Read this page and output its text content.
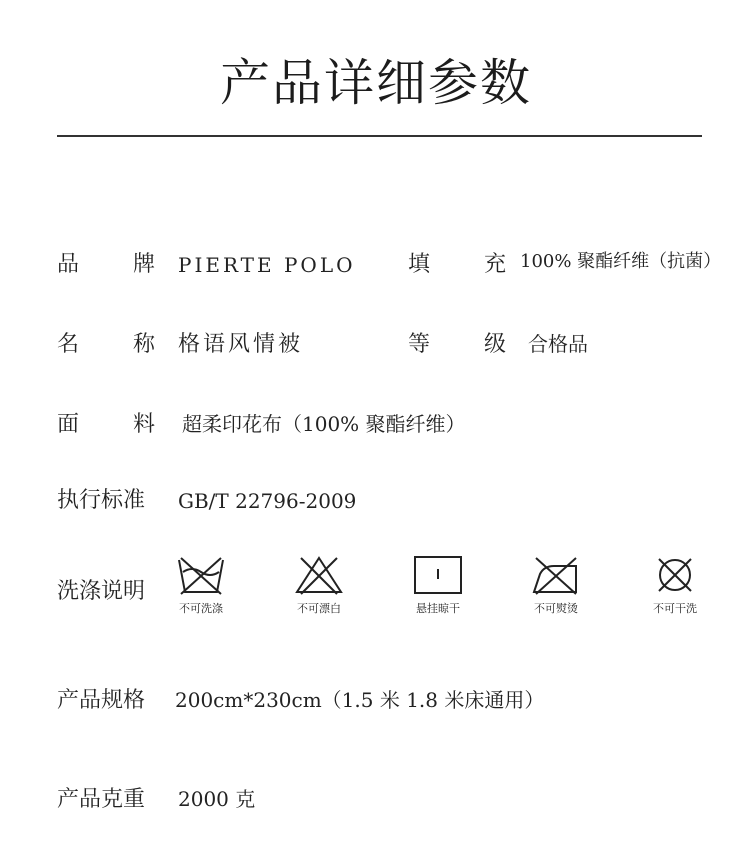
产品详细参数
品 牌 PIERTE POLO 填 充 100% 聚酯纤维（抗菌）
名 称 格语风情被	等 级 合格品
面 料 超柔印花布（100% 聚酯纤维）
执行标准 GB/T 22796-2009
洗涤说明
不可洗涤	不可漂白	悬挂晾干	不可熨烫	不可干洗
产品规格 200cm*230cm（1.5 米 1.8 米床通用）
产品克重 2000 克
